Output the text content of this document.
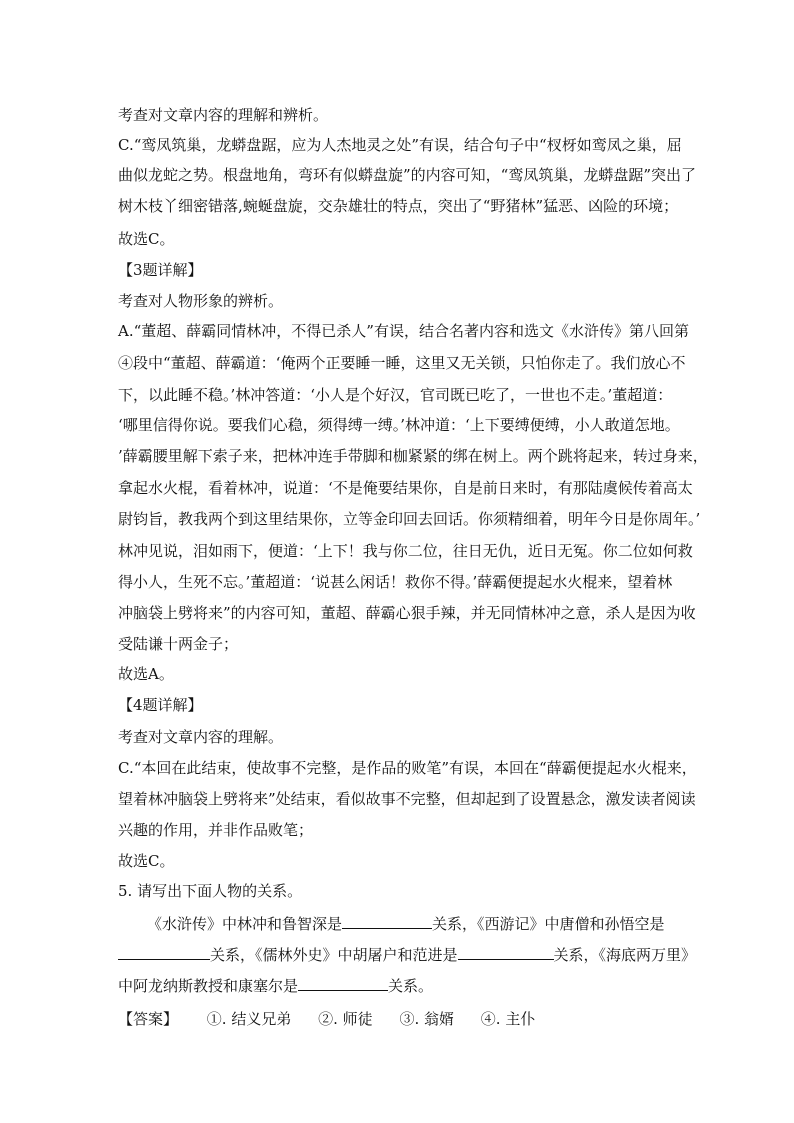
考查对文章内容的理解和辨析。
C.“鸾凤筑巢，龙蟒盘踞，应为人杰地灵之处”有误，结合句子中“杈枒如鸾凤之巢，屈
曲似龙蛇之势。根盘地角，弯环有似蟒盘旋”的内容可知，“鸾凤筑巢，龙蟒盘踞”突出了
树木枝丫细密错落,蜿蜒盘旋，交杂雄壮的特点，突出了“野猪林”猛恶、凶险的环境；
故选C。
【3题详解】
考查对人物形象的辨析。
A.“董超、薛霸同情林冲，不得已杀人”有误，结合名著内容和选文《水浒传》第八回第
④段中“董超、薛霸道：‘俺两个正要睡一睡，这里又无关锁，只怕你走了。我们放心不
下，以此睡不稳。’林冲答道：‘小人是个好汉，官司既已吃了，一世也不走。’董超道：
‘哪里信得你说。要我们心稳，须得缚一缚。’林冲道：‘上下要缚便缚，小人敢道怎地。
’薛霸腰里解下索子来，把林冲连手带脚和枷紧紧的绑在树上。两个跳将起来，转过身来，
拿起水火棍，看着林冲，说道：‘不是俺要结果你，自是前日来时，有那陆虞候传着高太
尉钧旨，教我两个到这里结果你，立等金印回去回话。你须精细着，明年今日是你周年。’
林冲见说，泪如雨下，便道：‘上下！我与你二位，往日无仇，近日无冤。你二位如何救
得小人，生死不忘。’董超道：‘说甚么闲话！救你不得。’薛霸便提起水火棍来，望着林
冲脑袋上劈将来”的内容可知，董超、薛霸心狠手辣，并无同情林冲之意，杀人是因为收
受陆谦十两金子；
故选A。
【4题详解】
考查对文章内容的理解。
C.“本回在此结束，使故事不完整，是作品的败笔”有误，本回在“薛霸便提起水火棍来，
望着林冲脑袋上劈将来”处结束，看似故事不完整，但却起到了设置悬念，激发读者阅读
兴趣的作用，并非作品败笔；
故选C。
5. 请写出下面人物的关系。
《水浒传》中林冲和鲁智深是	关系，《西游记》中唐僧和孙悟空是
关系，《儒林外史》中胡屠户和范进是	关系，《海底两万里》
中阿龙纳斯教授和康塞尔是	关系。
【答案】 ①. 结义兄弟 ②. 师徒 ③. 翁婿 ④. 主仆
